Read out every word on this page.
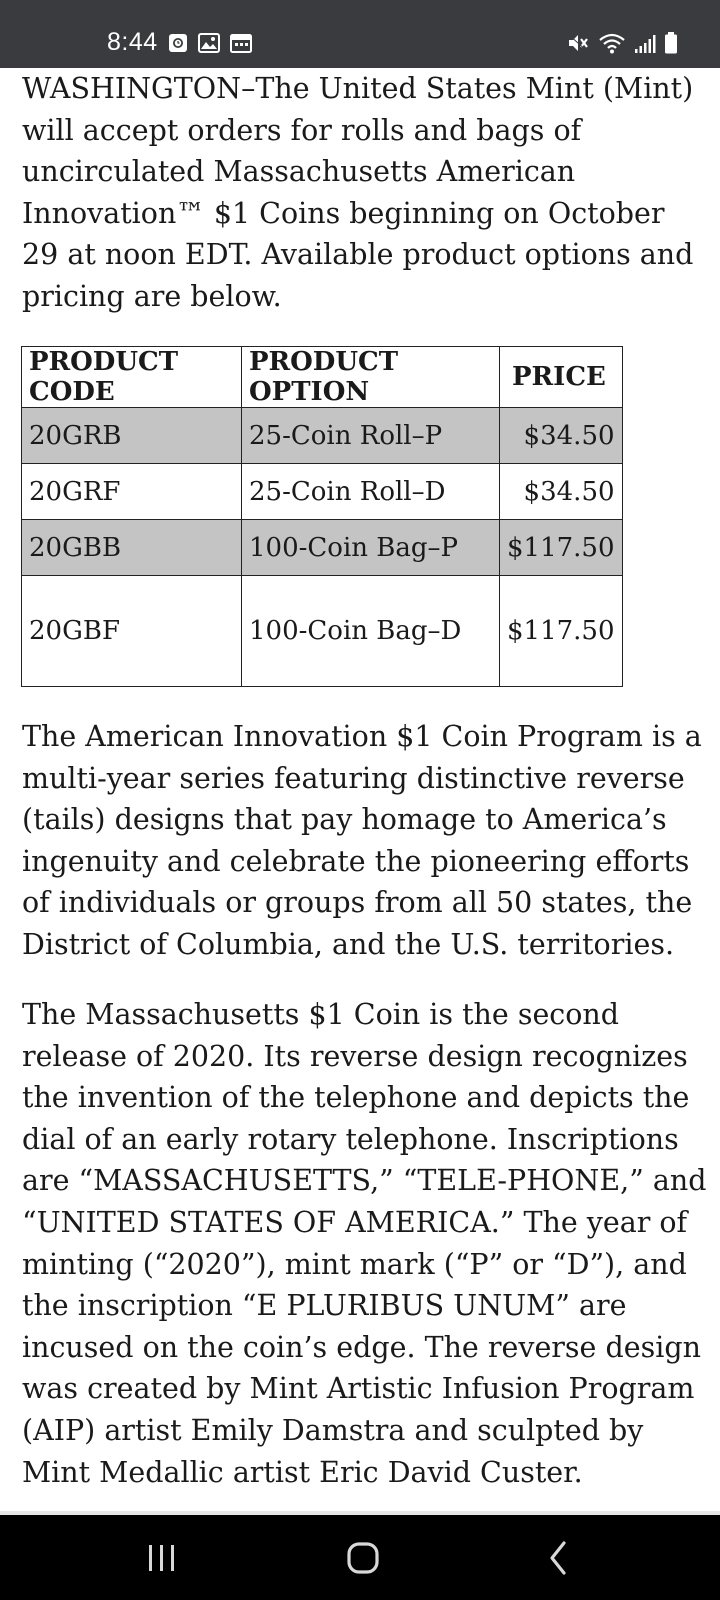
8:44

WASHINGTON–The United States Mint (Mint) will accept orders for rolls and bags of uncirculated Massachusetts American Innovation™ $1 Coins beginning on October 29 at noon EDT. Available product options and pricing are below.

PRODUCT CODE	PRODUCT OPTION	PRICE
20GRB	25-Coin Roll–P	$34.50
20GRF	25-Coin Roll–D	$34.50
20GBB	100-Coin Bag–P	$117.50
20GBF	100-Coin Bag–D	$117.50

The American Innovation $1 Coin Program is a multi-year series featuring distinctive reverse (tails) designs that pay homage to America’s ingenuity and celebrate the pioneering efforts of individuals or groups from all 50 states, the District of Columbia, and the U.S. territories.

The Massachusetts $1 Coin is the second release of 2020. Its reverse design recognizes the invention of the telephone and depicts the dial of an early rotary telephone. Inscriptions are “MASSACHUSETTS,” “TELE-PHONE,” and “UNITED STATES OF AMERICA.” The year of minting (“2020”), mint mark (“P” or “D”), and the inscription “E PLURIBUS UNUM” are incused on the coin’s edge. The reverse design was created by Mint Artistic Infusion Program (AIP) artist Emily Damstra and sculpted by Mint Medallic artist Eric David Custer.
